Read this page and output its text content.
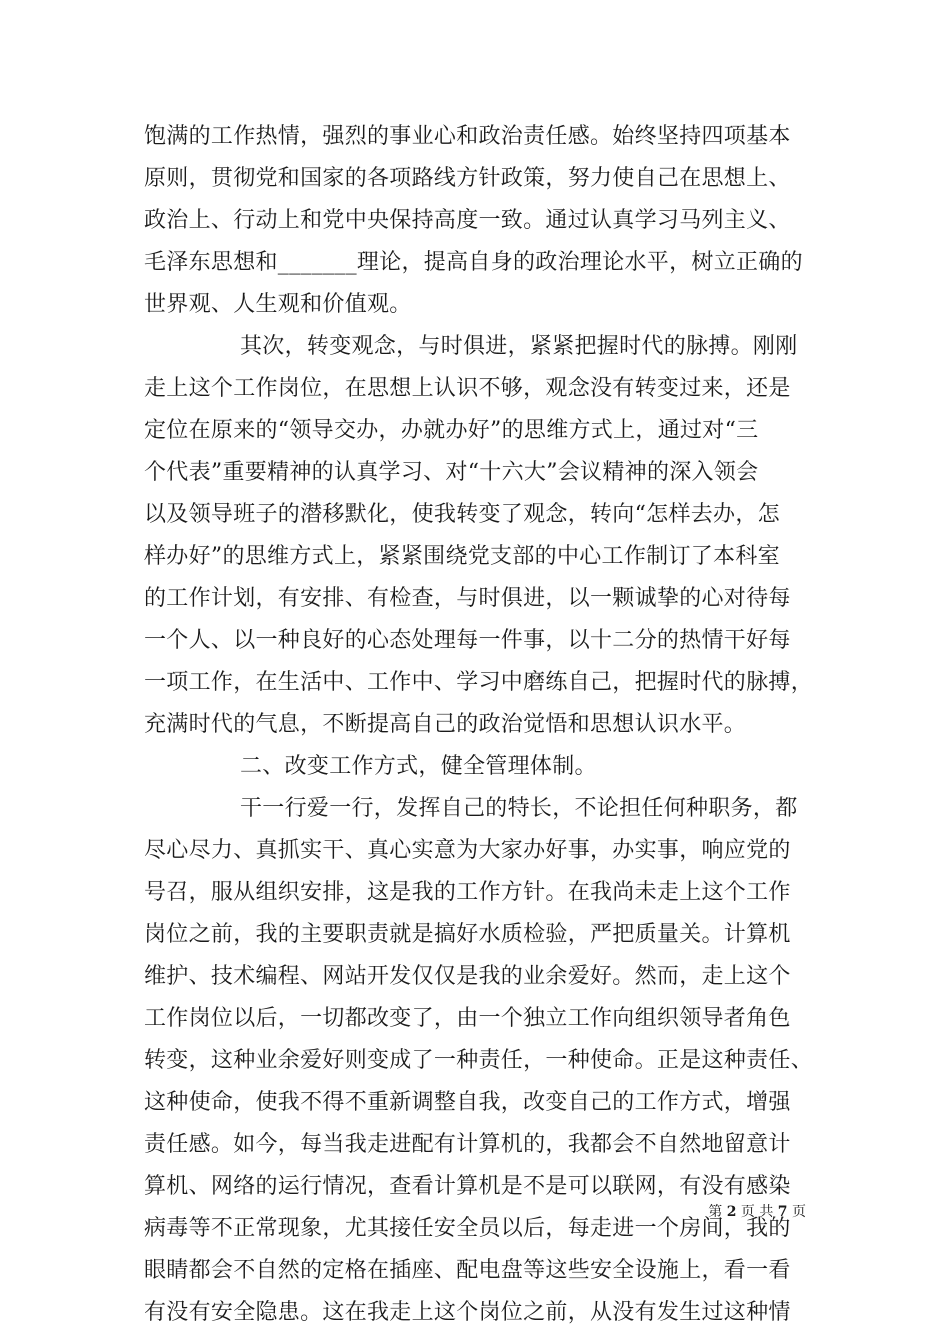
饱满的工作热情，强烈的事业心和政治责任感。始终坚持四项基本
原则，贯彻党和国家的各项路线方针政策，努力使自己在思想上、
政治上、行动上和党中央保持高度一致。通过认真学习马列主义、
毛泽东思想和_______理论，提高自身的政治理论水平，树立正确的
世界观、人生观和价值观。
其次，转变观念，与时俱进，紧紧把握时代的脉搏。刚刚
走上这个工作岗位，在思想上认识不够，观念没有转变过来，还是
定位在原来的“领导交办，办就办好”的思维方式上，通过对“三
个代表”重要精神的认真学习、对“十六大”会议精神的深入领会
以及领导班子的潜移默化，使我转变了观念，转向“怎样去办，怎
样办好”的思维方式上，紧紧围绕党支部的中心工作制订了本科室
的工作计划，有安排、有检查，与时俱进，以一颗诚挚的心对待每
一个人、以一种良好的心态处理每一件事，以十二分的热情干好每
一项工作，在生活中、工作中、学习中磨练自己，把握时代的脉搏，
充满时代的气息，不断提高自己的政治觉悟和思想认识水平。
二、改变工作方式，健全管理体制。
干一行爱一行，发挥自己的特长，不论担任何种职务，都
尽心尽力、真抓实干、真心实意为大家办好事，办实事，响应党的
号召，服从组织安排，这是我的工作方针。在我尚未走上这个工作
岗位之前，我的主要职责就是搞好水质检验，严把质量关。计算机
维护、技术编程、网站开发仅仅是我的业余爱好。然而，走上这个
工作岗位以后，一切都改变了，由一个独立工作向组织领导者角色
转变，这种业余爱好则变成了一种责任，一种使命。正是这种责任、
这种使命，使我不得不重新调整自我，改变自己的工作方式，增强
责任感。如今，每当我走进配有计算机的，我都会不自然地留意计
算机、网络的运行情况，查看计算机是不是可以联网，有没有感染
病毒等不正常现象，尤其接任安全员以后，每走进一个房间，我的
眼睛都会不自然的定格在插座、配电盘等这些安全设施上，看一看
有没有安全隐患。这在我走上这个岗位之前，从没有发生过这种情
第 2 页 共 7 页
